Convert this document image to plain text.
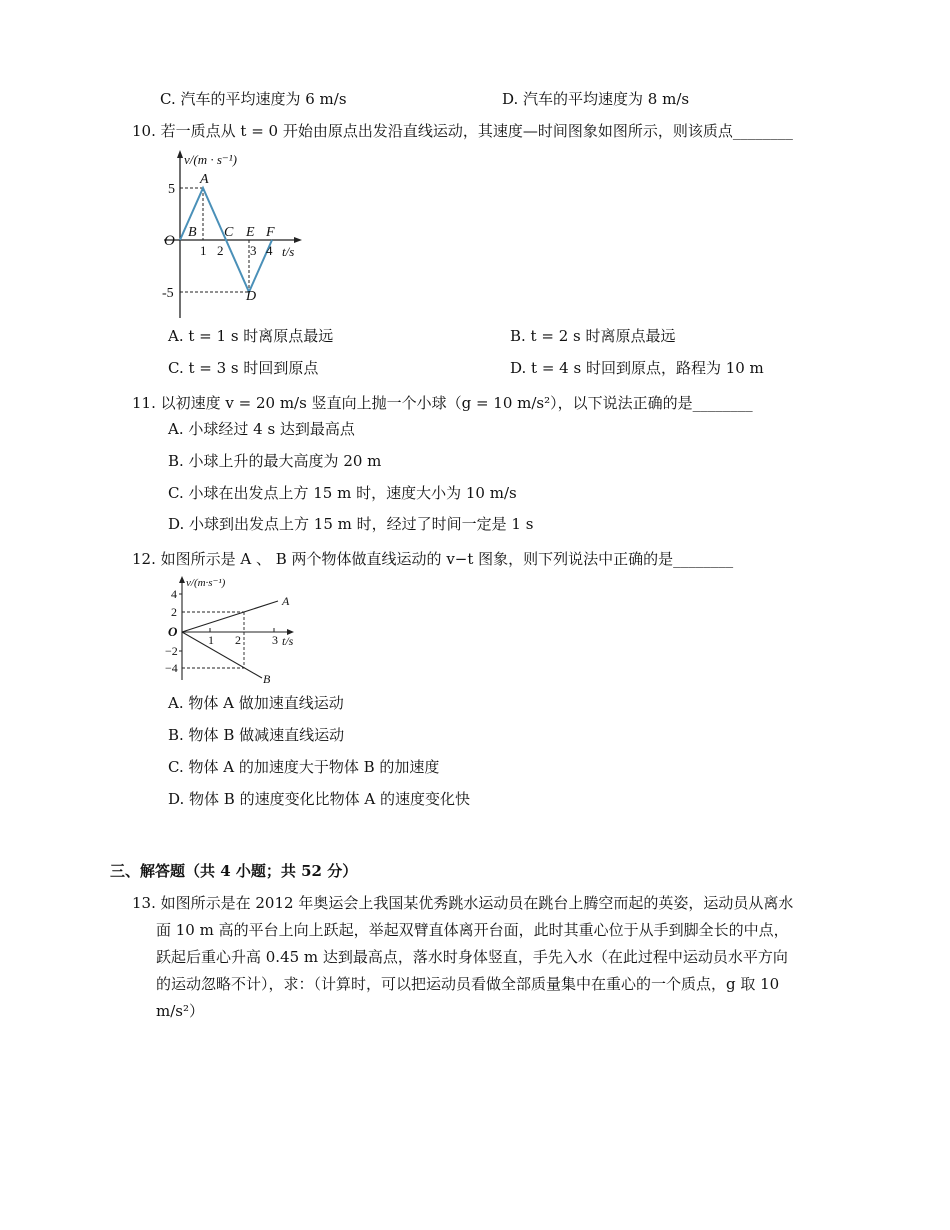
C. 汽车的平均速度为 6 m/s	D. 汽车的平均速度为 8 m/s
10. 若一质点从 t = 0 开始由原点出发沿直线运动，其速度—时间图象如图所示，则该质点________
v/(m · s⁻¹)
5
-5
O
A
B C E F
D
1 2 3 4 t/s
A. t = 1 s 时离原点最远	B. t = 2 s 时离原点最远
C. t = 3 s 时回到原点	D. t = 4 s 时回到原点，路程为 10 m
11. 以初速度 v = 20 m/s 竖直向上抛一个小球（g = 10 m/s²），以下说法正确的是________
A. 小球经过 4 s 达到最高点
B. 小球上升的最大高度为 20 m
C. 小球在出发点上方 15 m 时，速度大小为 10 m/s
D. 小球到出发点上方 15 m 时，经过了时间一定是 1 s
12. 如图所示是 A 、 B 两个物体做直线运动的 v−t 图象，则下列说法中正确的是________
v/(m·s⁻¹)
4
2
−2
−4
O
1 2	3 t/s
A
B
A. 物体 A 做加速直线运动
B. 物体 B 做减速直线运动
C. 物体 A 的加速度大于物体 B 的加速度
D. 物体 B 的速度变化比物体 A 的速度变化快
三、解答题（共 4 小题；共 52 分）
13. 如图所示是在 2012 年奥运会上我国某优秀跳水运动员在跳台上腾空而起的英姿，运动员从离水
面 10 m 高的平台上向上跃起，举起双臂直体离开台面，此时其重心位于从手到脚全长的中点，
跃起后重心升高 0.45 m 达到最高点，落水时身体竖直，手先入水（在此过程中运动员水平方向
的运动忽略不计），求：（计算时，可以把运动员看做全部质量集中在重心的一个质点，g 取 10
m/s²）
